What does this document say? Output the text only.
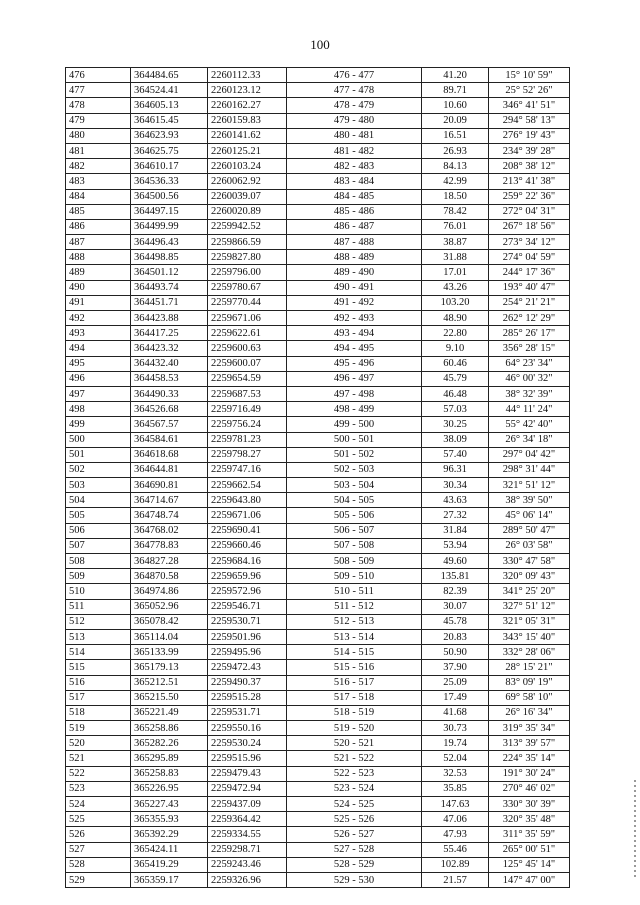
100
476	364484.65	2260112.33	476 - 477	41.20	15° 10' 59"
477	364524.41	2260123.12	477 - 478	89.71	25° 52' 26"
478	364605.13	2260162.27	478 - 479	10.60	346° 41' 51"
479	364615.45	2260159.83	479 - 480	20.09	294° 58' 13"
480	364623.93	2260141.62	480 - 481	16.51	276° 19' 43"
481	364625.75	2260125.21	481 - 482	26.93	234° 39' 28"
482	364610.17	2260103.24	482 - 483	84.13	208° 38' 12"
483	364536.33	2260062.92	483 - 484	42.99	213° 41' 38"
484	364500.56	2260039.07	484 - 485	18.50	259° 22' 36"
485	364497.15	2260020.89	485 - 486	78.42	272° 04' 31"
486	364499.99	2259942.52	486 - 487	76.01	267° 18' 56"
487	364496.43	2259866.59	487 - 488	38.87	273° 34' 12"
488	364498.85	2259827.80	488 - 489	31.88	274° 04' 59"
489	364501.12	2259796.00	489 - 490	17.01	244° 17' 36"
490	364493.74	2259780.67	490 - 491	43.26	193° 40' 47"
491	364451.71	2259770.44	491 - 492	103.20	254° 21' 21"
492	364423.88	2259671.06	492 - 493	48.90	262° 12' 29"
493	364417.25	2259622.61	493 - 494	22.80	285° 26' 17"
494	364423.32	2259600.63	494 - 495	9.10	356° 28' 15"
495	364432.40	2259600.07	495 - 496	60.46	64° 23' 34"
496	364458.53	2259654.59	496 - 497	45.79	46° 00' 32"
497	364490.33	2259687.53	497 - 498	46.48	38° 32' 39"
498	364526.68	2259716.49	498 - 499	57.03	44° 11' 24"
499	364567.57	2259756.24	499 - 500	30.25	55° 42' 40"
500	364584.61	2259781.23	500 - 501	38.09	26° 34' 18"
501	364618.68	2259798.27	501 - 502	57.40	297° 04' 42"
502	364644.81	2259747.16	502 - 503	96.31	298° 31' 44"
503	364690.81	2259662.54	503 - 504	30.34	321° 51' 12"
504	364714.67	2259643.80	504 - 505	43.63	38° 39' 50"
505	364748.74	2259671.06	505 - 506	27.32	45° 06' 14"
506	364768.02	2259690.41	506 - 507	31.84	289° 50' 47"
507	364778.83	2259660.46	507 - 508	53.94	26° 03' 58"
508	364827.28	2259684.16	508 - 509	49.60	330° 47' 58"
509	364870.58	2259659.96	509 - 510	135.81	320° 09' 43"
510	364974.86	2259572.96	510 - 511	82.39	341° 25' 20"
511	365052.96	2259546.71	511 - 512	30.07	327° 51' 12"
512	365078.42	2259530.71	512 - 513	45.78	321° 05' 31"
513	365114.04	2259501.96	513 - 514	20.83	343° 15' 40"
514	365133.99	2259495.96	514 - 515	50.90	332° 28' 06"
515	365179.13	2259472.43	515 - 516	37.90	28° 15' 21"
516	365212.51	2259490.37	516 - 517	25.09	83° 09' 19"
517	365215.50	2259515.28	517 - 518	17.49	69° 58' 10"
518	365221.49	2259531.71	518 - 519	41.68	26° 16' 34"
519	365258.86	2259550.16	519 - 520	30.73	319° 35' 34"
520	365282.26	2259530.24	520 - 521	19.74	313° 39' 57"
521	365295.89	2259515.96	521 - 522	52.04	224° 35' 14"
522	365258.83	2259479.43	522 - 523	32.53	191° 30' 24"
523	365226.95	2259472.94	523 - 524	35.85	270° 46' 02"
524	365227.43	2259437.09	524 - 525	147.63	330° 30' 39"
525	365355.93	2259364.42	525 - 526	47.06	320° 35' 48"
526	365392.29	2259334.55	526 - 527	47.93	311° 35' 59"
527	365424.11	2259298.71	527 - 528	55.46	265° 00' 51"
528	365419.29	2259243.46	528 - 529	102.89	125° 45' 14"
529	365359.17	2259326.96	529 - 530	21.57	147° 47' 00"
